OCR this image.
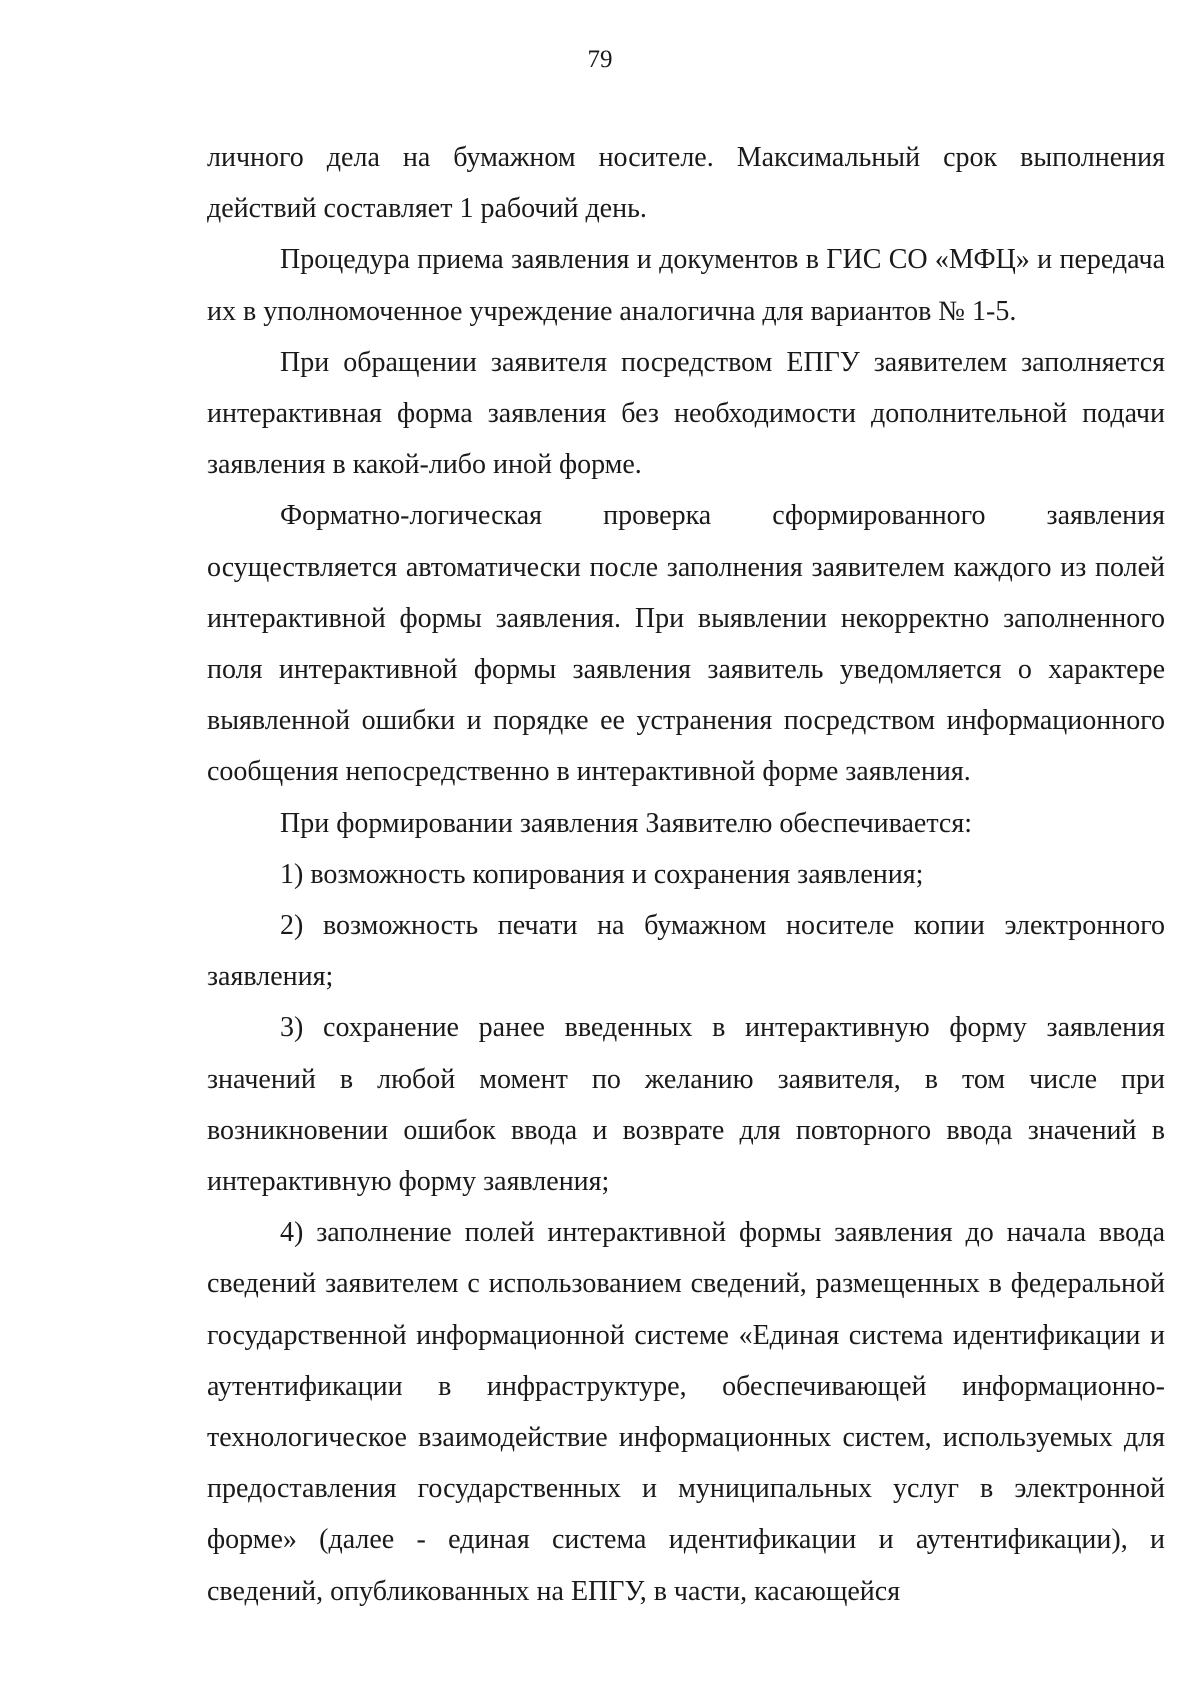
79

личного дела на бумажном носителе. Максимальный срок выполнения действий составляет 1 рабочий день.

Процедура приема заявления и документов в ГИС СО «МФЦ» и передача их в уполномоченное учреждение аналогична для вариантов № 1-5.

При обращении заявителя посредством ЕПГУ заявителем заполняется интерактивная форма заявления без необходимости дополнительной подачи заявления в какой-либо иной форме.

Форматно-логическая проверка сформированного заявления осуществляется автоматически после заполнения заявителем каждого из полей интерактивной формы заявления. При выявлении некорректно заполненного поля интерактивной формы заявления заявитель уведомляется о характере выявленной ошибки и порядке ее устранения посредством информационного сообщения непосредственно в интерактивной форме заявления.

При формировании заявления Заявителю обеспечивается:

1) возможность копирования и сохранения заявления;

2) возможность печати на бумажном носителе копии электронного заявления;

3) сохранение ранее введенных в интерактивную форму заявления значений в любой момент по желанию заявителя, в том числе при возникновении ошибок ввода и возврате для повторного ввода значений в интерактивную форму заявления;

4) заполнение полей интерактивной формы заявления до начала ввода сведений заявителем с использованием сведений, размещенных в федеральной государственной информационной системе «Единая система идентификации и аутентификации в инфраструктуре, обеспечивающей информационно-технологическое взаимодействие информационных систем, используемых для предоставления государственных и муниципальных услуг в электронной форме» (далее - единая система идентификации и аутентификации), и сведений, опубликованных на ЕПГУ, в части, касающейся
